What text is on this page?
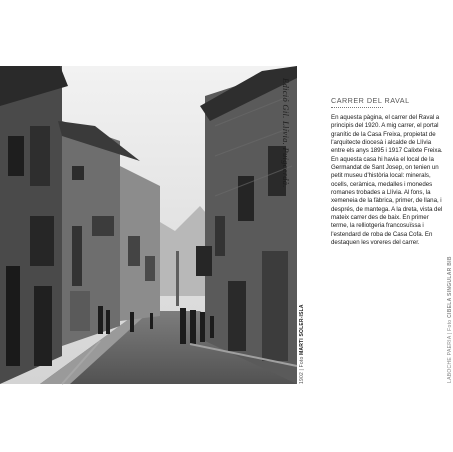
Edició Gil. Llívia. Puigcerdà.
1902 | Foto MARTI SOLER-ISLA
CARRER DEL RAVAL
En aquesta pàgina, el carrer del Raval a principis del 1920. A mig carrer, el portal granític de la Casa Freixa, propietat de l'arquitecte diocesà i alcalde de Llívia entre els anys 1895 i 1917 Calixte Freixa. En aquesta casa hi havia el local de la Germandat de Sant Josep, on tenien un petit museu d'història local: minerals, ocells, ceràmica, medalles i monedes romanes trobades a Llívia. Al fons, la xemeneia de la fàbrica, primer, de llana, i després, de mantega. A la dreta, vista del mateix carrer des de baix. En primer terme, la relliotgeria francosuïssa i l'estendard de roba de Casa Cofa. En destaquen les voreres del carrer.
LABOCHE PAERIA | Foto CIBELA SINGULAR BIB
